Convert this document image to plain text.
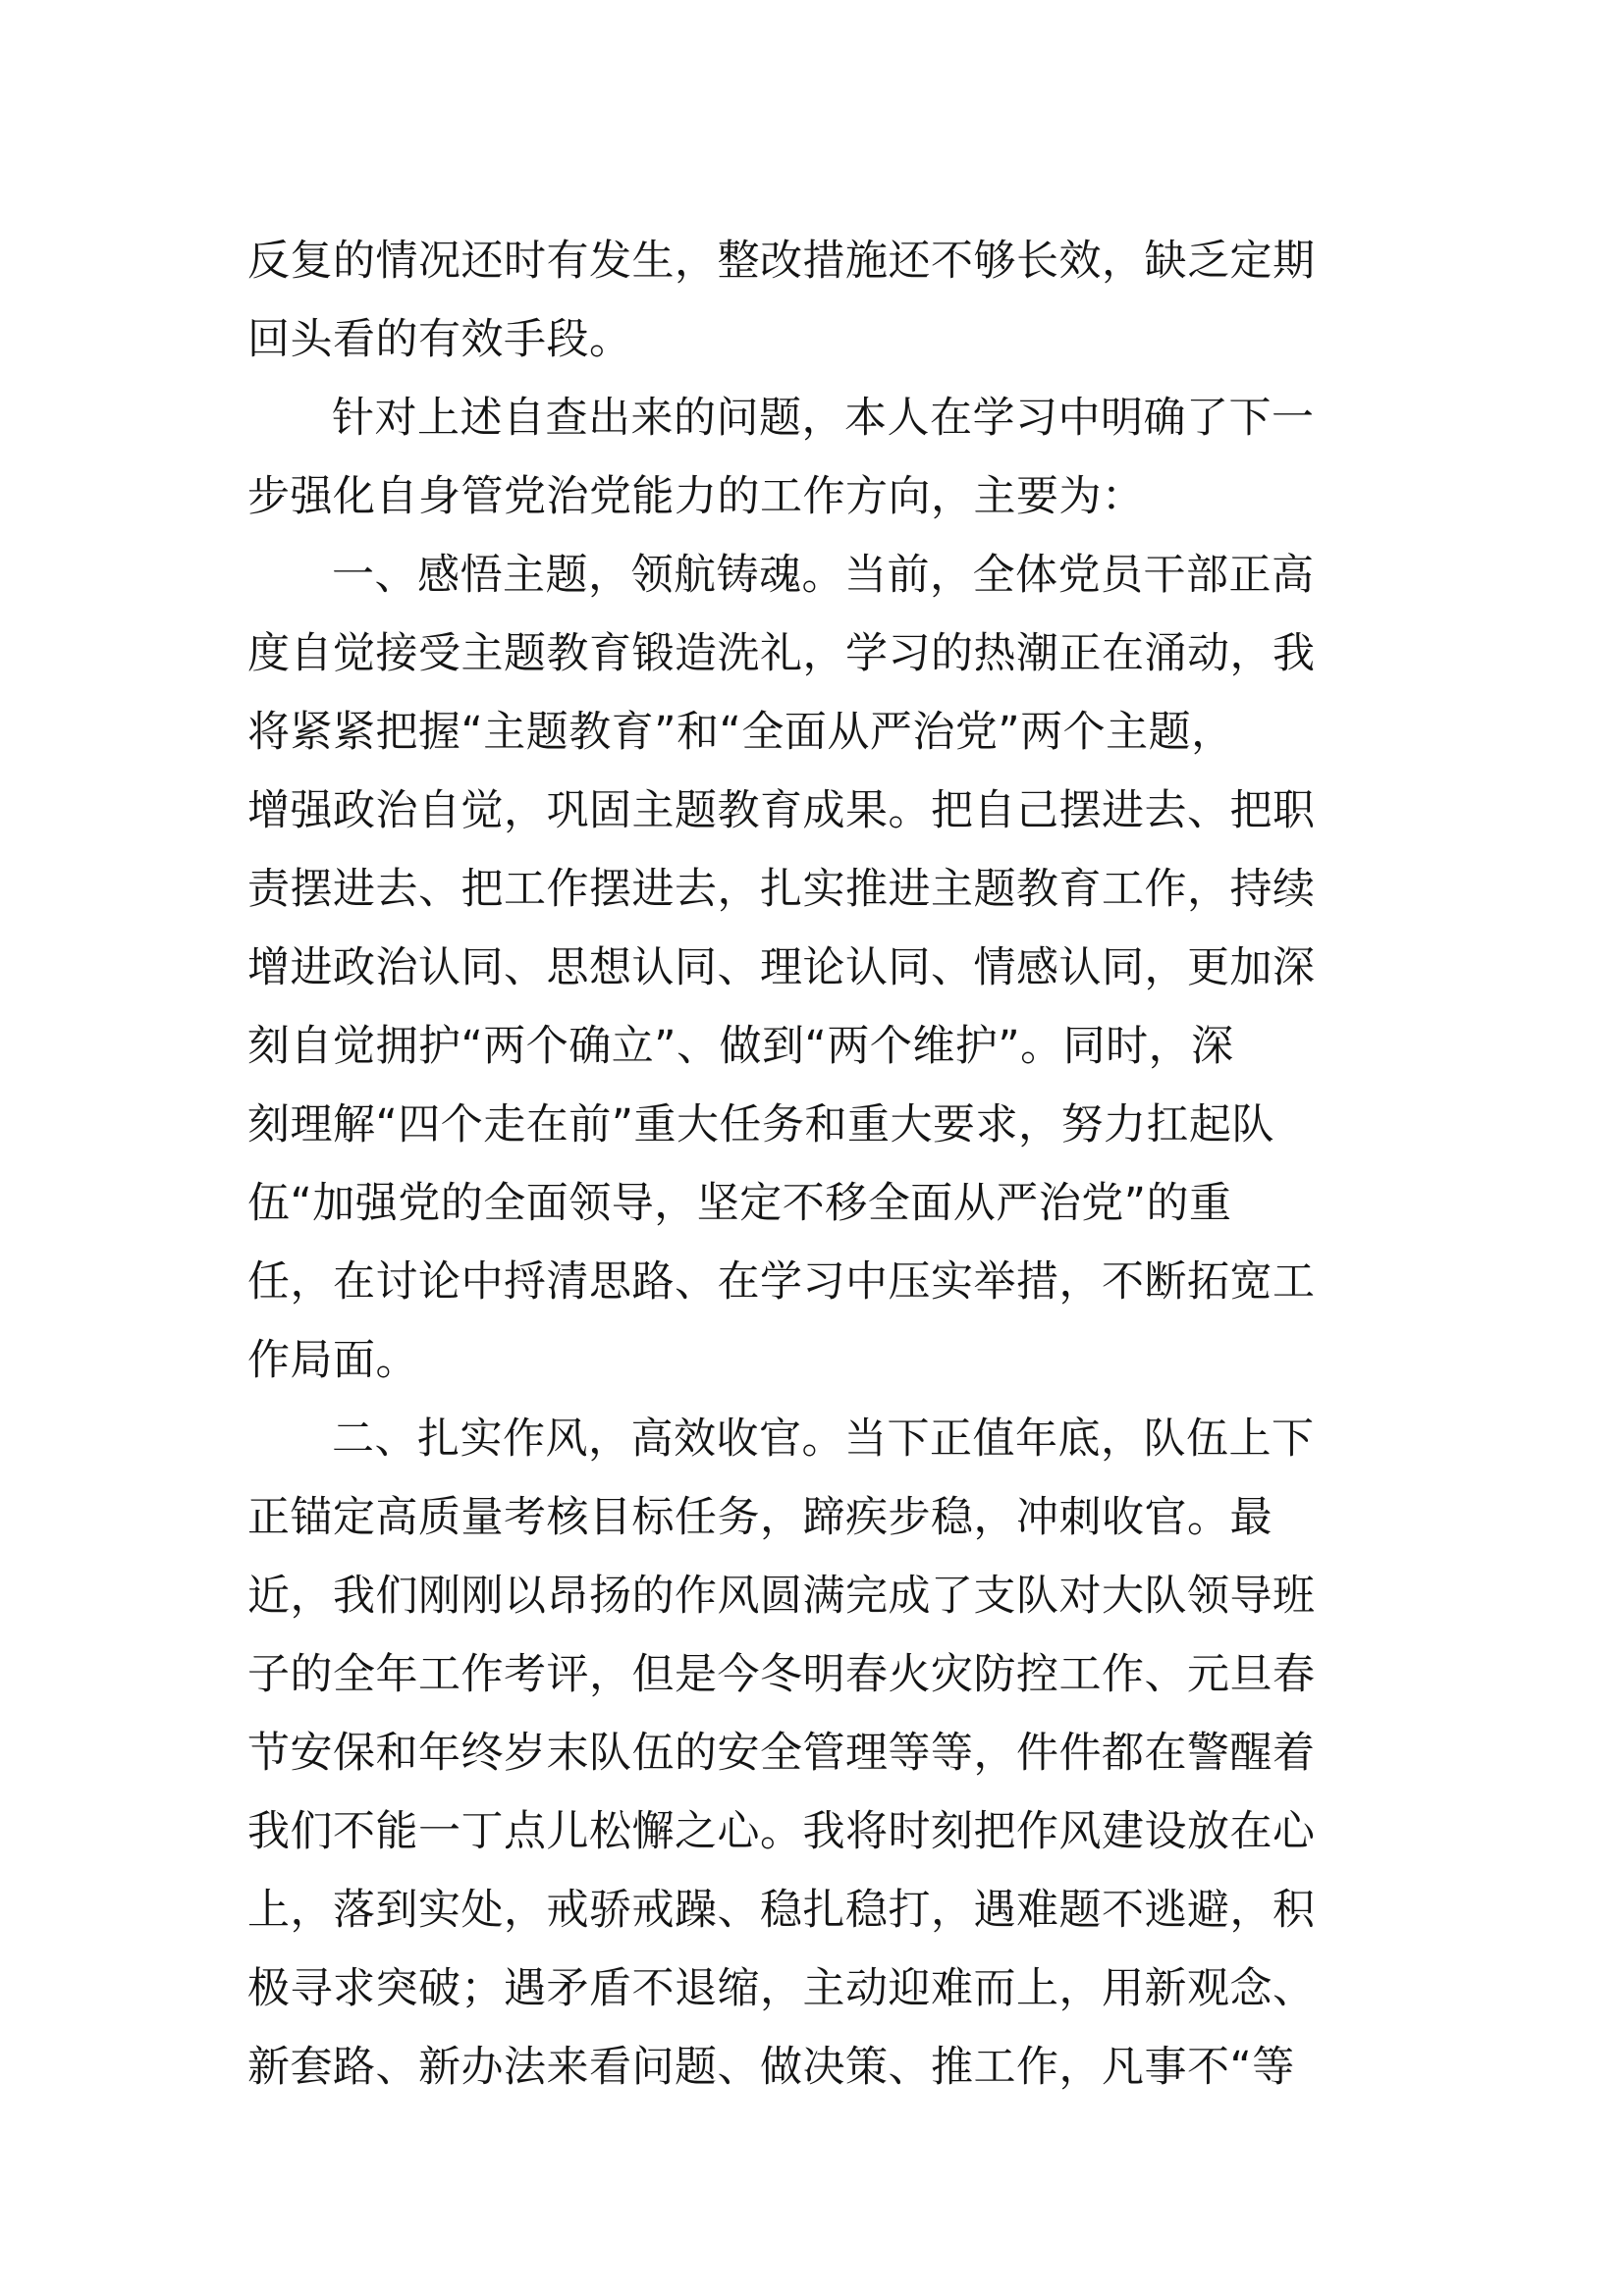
反复的情况还时有发生，整改措施还不够长效，缺乏定期
回头看的有效手段。
针对上述自查出来的问题，本人在学习中明确了下一
步强化自身管党治党能力的工作方向，主要为：
一、感悟主题，领航铸魂。当前，全体党员干部正高
度自觉接受主题教育锻造洗礼，学习的热潮正在涌动，我
将紧紧把握“主题教育”和“全面从严治党”两个主题，
增强政治自觉，巩固主题教育成果。把自己摆进去、把职
责摆进去、把工作摆进去，扎实推进主题教育工作，持续
增进政治认同、思想认同、理论认同、情感认同，更加深
刻自觉拥护“两个确立”、做到“两个维护”。同时，深
刻理解“四个走在前”重大任务和重大要求，努力扛起队
伍“加强党的全面领导，坚定不移全面从严治党”的重
任，在讨论中捋清思路、在学习中压实举措，不断拓宽工
作局面。
二、扎实作风，高效收官。当下正值年底，队伍上下
正锚定高质量考核目标任务，蹄疾步稳，冲刺收官。最
近，我们刚刚以昂扬的作风圆满完成了支队对大队领导班
子的全年工作考评，但是今冬明春火灾防控工作、元旦春
节安保和年终岁末队伍的安全管理等等，件件都在警醒着
我们不能一丁点儿松懈之心。我将时刻把作风建设放在心
上，落到实处，戒骄戒躁、稳扎稳打，遇难题不逃避，积
极寻求突破；遇矛盾不退缩，主动迎难而上，用新观念、
新套路、新办法来看问题、做决策、推工作，凡事不“等
